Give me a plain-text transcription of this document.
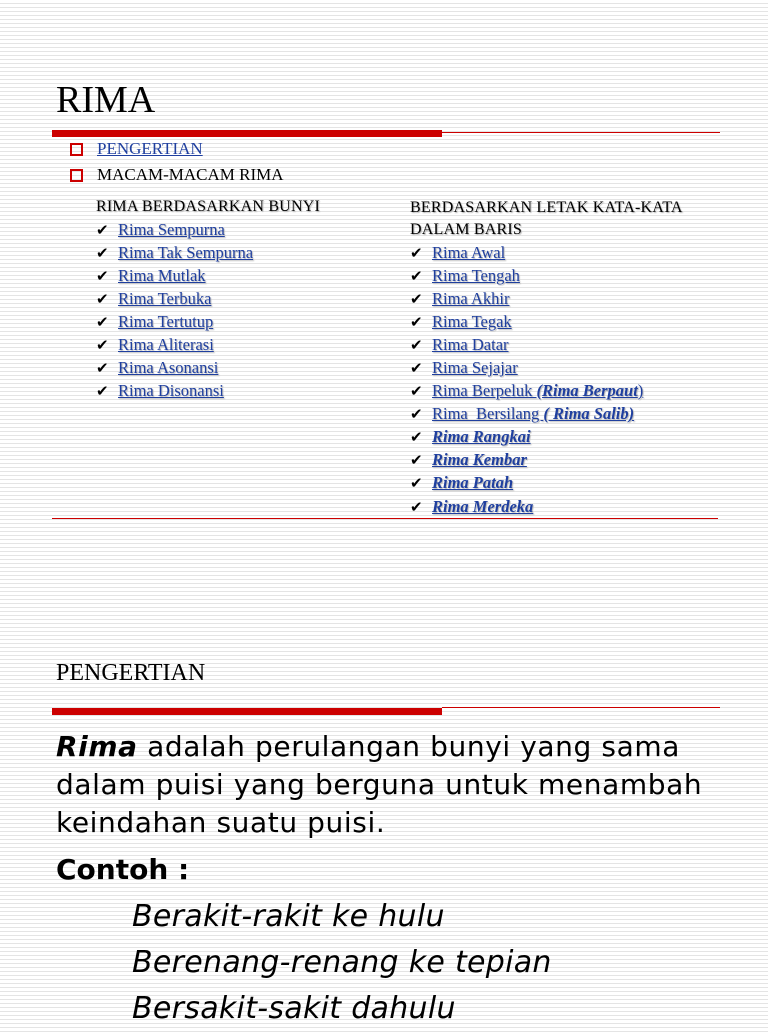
RIMA
PENGERTIAN
MACAM-MACAM RIMA
RIMA BERDASARKAN BUNYI
✔ Rima Sempurna
✔ Rima Tak Sempurna
✔ Rima Mutlak
✔ Rima Terbuka
✔ Rima Tertutup
✔ Rima Aliterasi
✔ Rima Asonansi
✔ Rima Disonansi
BERDASARKAN LETAK KATA-KATA
DALAM BARIS
✔ Rima Awal
✔ Rima Tengah
✔ Rima Akhir
✔ Rima Tegak
✔ Rima Datar
✔ Rima Sejajar
✔ Rima Berpeluk (Rima Berpaut)
✔ Rima  Bersilang ( Rima Salib)
✔ Rima Rangkai
✔ Rima Kembar
✔ Rima Patah
✔ Rima Merdeka
PENGERTIAN
Rima adalah perulangan bunyi yang sama dalam puisi yang berguna untuk menambah keindahan suatu puisi.
Contoh :
Berakit-rakit ke hulu
Berenang-renang ke tepian
Bersakit-sakit dahulu
